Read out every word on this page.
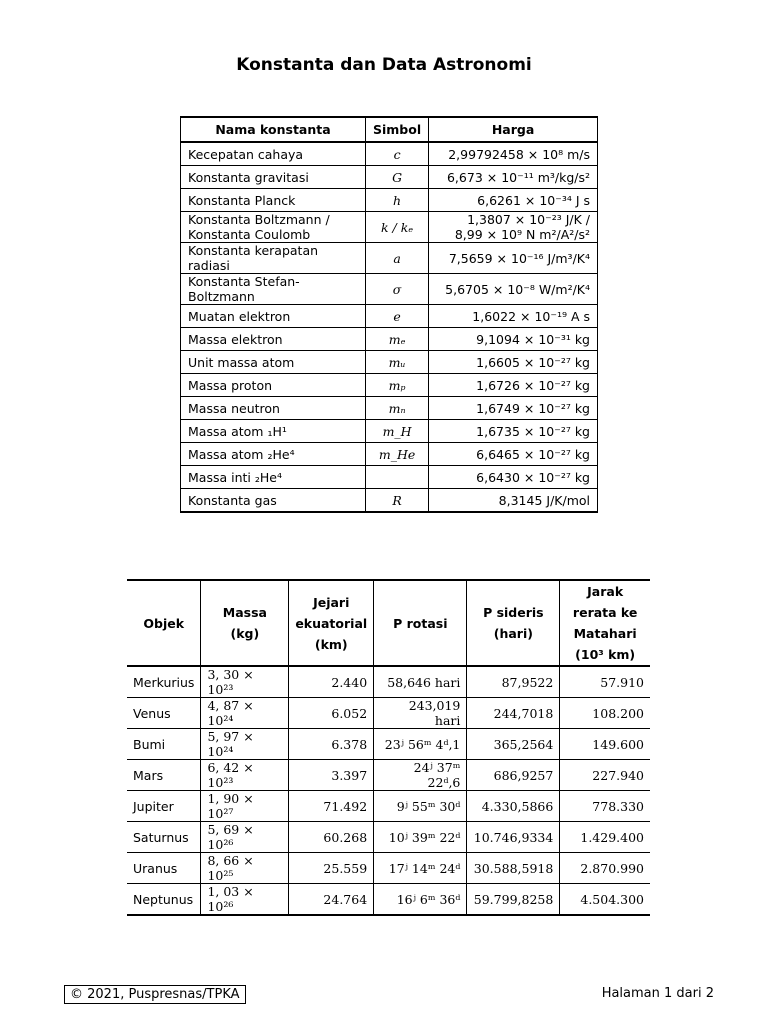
Konstanta dan Data Astronomi
Nama konstanta	Simbol	Harga
Kecepatan cahaya	c	2,99792458 × 10⁸ m/s
Konstanta gravitasi	G	6,673 × 10⁻¹¹ m³/kg/s²
Konstanta Planck	h	6,6261 × 10⁻³⁴ J s
Konstanta Boltzmann / Konstanta Coulomb	k / kₑ	1,3807 × 10⁻²³ J/K / 8,99 × 10⁹ N m²/A²/s²
Konstanta kerapatan radiasi	a	7,5659 × 10⁻¹⁶ J/m³/K⁴
Konstanta Stefan-Boltzmann	σ	5,6705 × 10⁻⁸ W/m²/K⁴
Muatan elektron	e	1,6022 × 10⁻¹⁹ A s
Massa elektron	mₑ	9,1094 × 10⁻³¹ kg
Unit massa atom	mᵤ	1,6605 × 10⁻²⁷ kg
Massa proton	mₚ	1,6726 × 10⁻²⁷ kg
Massa neutron	mₙ	1,6749 × 10⁻²⁷ kg
Massa atom ₁H¹	m_H	1,6735 × 10⁻²⁷ kg
Massa atom ₂He⁴	m_He	6,6465 × 10⁻²⁷ kg
Massa inti ₂He⁴		6,6430 × 10⁻²⁷ kg
Konstanta gas	R	8,3145 J/K/mol
Objek	Massa (kg)	Jejari ekuatorial (km)	P rotasi	P sideris (hari)	Jarak rerata ke Matahari (10³ km)
Merkurius	3, 30 × 10²³	2.440	58,646 hari	87,9522	57.910
Venus	4, 87 × 10²⁴	6.052	243,019 hari	244,7018	108.200
Bumi	5, 97 × 10²⁴	6.378	23ʲ 56ᵐ 4ᵈ,1	365,2564	149.600
Mars	6, 42 × 10²³	3.397	24ʲ 37ᵐ 22ᵈ,6	686,9257	227.940
Jupiter	1, 90 × 10²⁷	71.492	9ʲ 55ᵐ 30ᵈ	4.330,5866	778.330
Saturnus	5, 69 × 10²⁶	60.268	10ʲ 39ᵐ 22ᵈ	10.746,9334	1.429.400
Uranus	8, 66 × 10²⁵	25.559	17ʲ 14ᵐ 24ᵈ	30.588,5918	2.870.990
Neptunus	1, 03 × 10²⁶	24.764	16ʲ 6ᵐ 36ᵈ	59.799,8258	4.504.300
© 2021, Puspresnas/TPKA	Halaman 1 dari 2
